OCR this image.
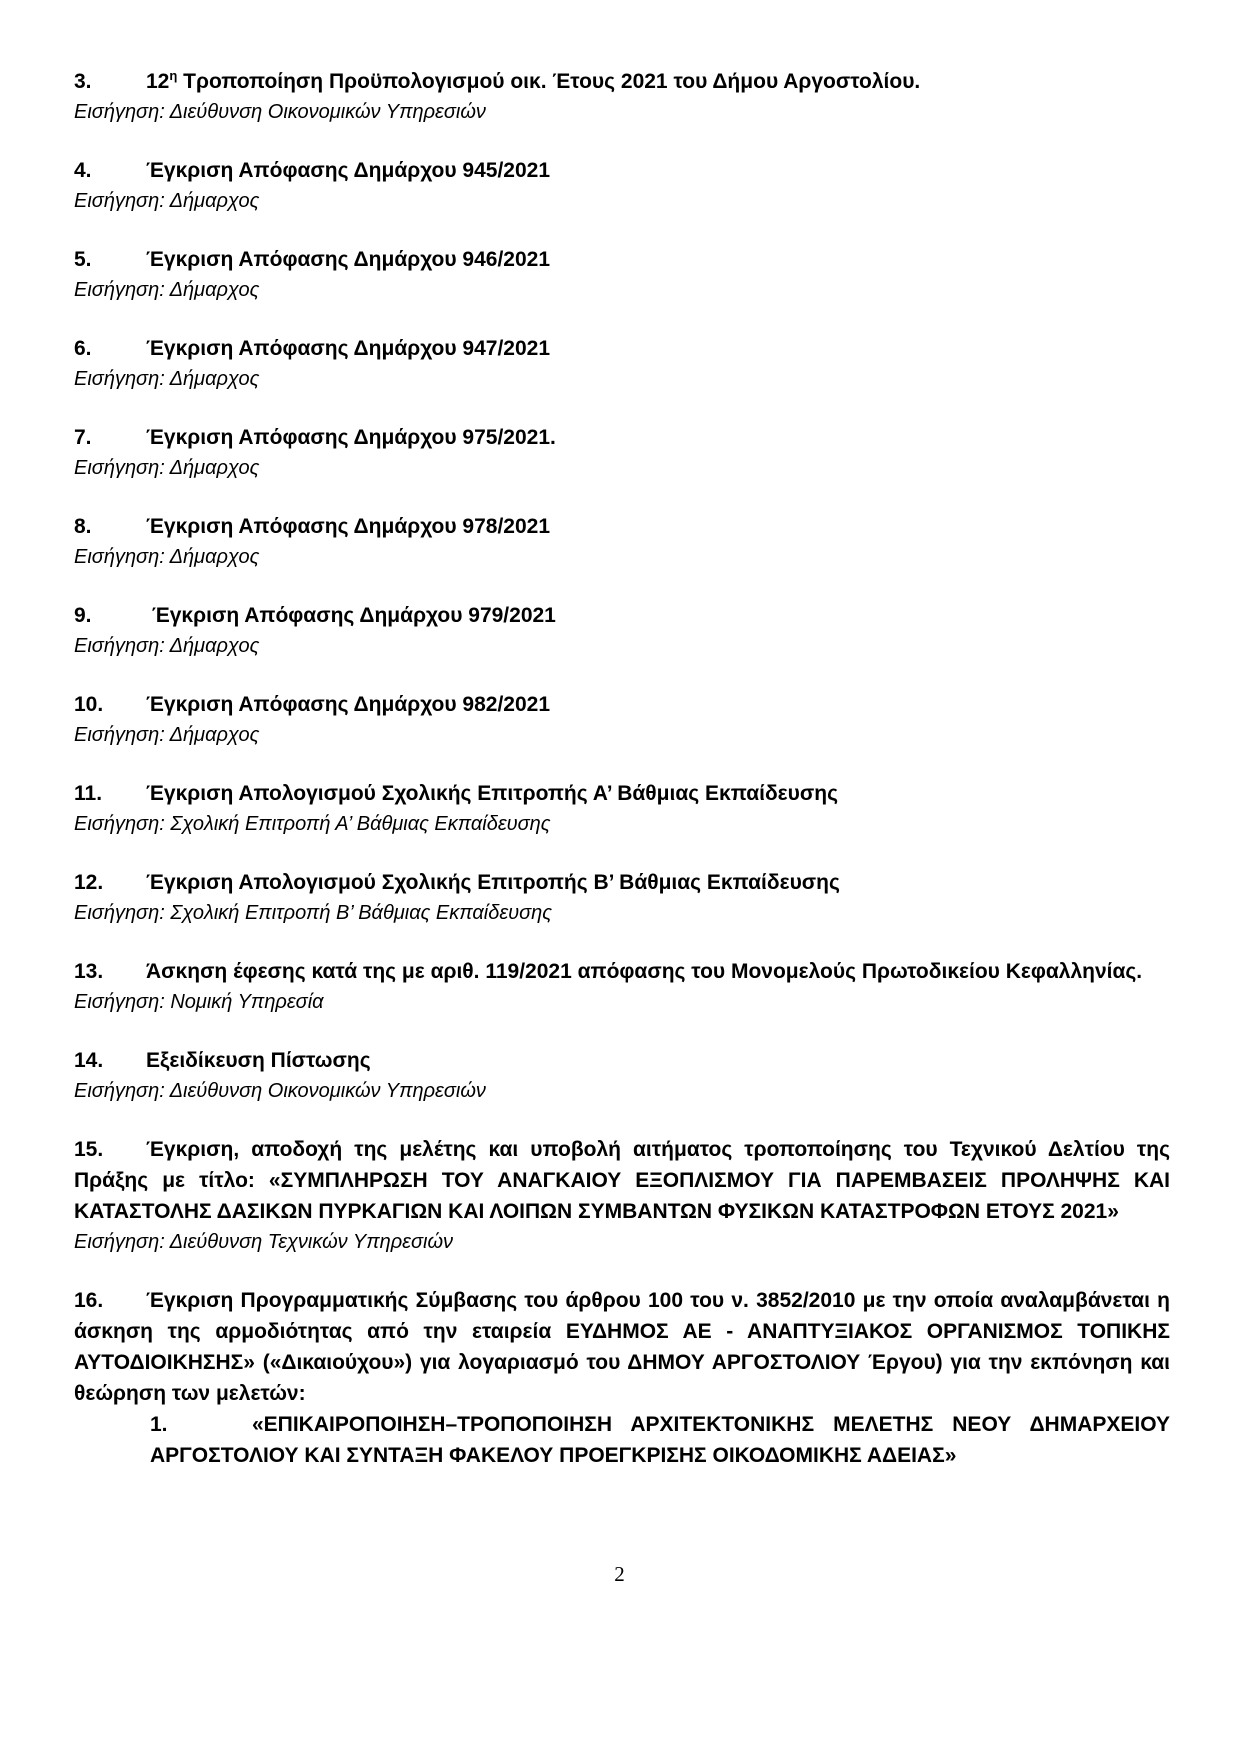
3.	$12^\eta$ Τροποποίηση Προϋπολογισμού οικ. Έτους 2021 του Δήμου Αργοστολίου.
Εισήγηση: Διεύθυνση Οικονομικών Υπηρεσιών
4.	Έγκριση Απόφασης Δημάρχου 945/2021
Εισήγηση: Δήμαρχος
5.	Έγκριση Απόφασης Δημάρχου 946/2021
Εισήγηση: Δήμαρχος
6.	Έγκριση Απόφασης Δημάρχου 947/2021
Εισήγηση: Δήμαρχος
7.	Έγκριση Απόφασης Δημάρχου 975/2021.
Εισήγηση: Δήμαρχος
8.	Έγκριση Απόφασης Δημάρχου 978/2021
Εισήγηση: Δήμαρχος
9.	Έγκριση Απόφασης Δημάρχου 979/2021
Εισήγηση: Δήμαρχος
10. Έγκριση Απόφασης Δημάρχου 982/2021
Εισήγηση: Δήμαρχος
11. Έγκριση Απολογισμού Σχολικής Επιτροπής Α’ Βάθμιας Εκπαίδευσης
Εισήγηση: Σχολική Επιτροπή Α’ Βάθμιας Εκπαίδευσης
12. Έγκριση Απολογισμού Σχολικής Επιτροπής Β’ Βάθμιας Εκπαίδευσης
Εισήγηση: Σχολική Επιτροπή Β’ Βάθμιας Εκπαίδευσης
13. Άσκηση έφεσης κατά της με αριθ. 119/2021 απόφασης του Μονομελούς Πρωτοδικείου Κεφαλληνίας.
Εισήγηση: Νομική Υπηρεσία
14. Εξειδίκευση Πίστωσης
Εισήγηση: Διεύθυνση Οικονομικών Υπηρεσιών
15. Έγκριση, αποδοχή της μελέτης και υποβολή αιτήματος τροποποίησης του Τεχνικού Δελτίου της Πράξης με τίτλο: «ΣΥΜΠΛΗΡΩΣΗ ΤΟΥ ΑΝΑΓΚΑΙΟΥ ΕΞΟΠΛΙΣΜΟΥ ΓΙΑ ΠΑΡΕΜΒΑΣΕΙΣ ΠΡΟΛΗΨΗΣ ΚΑΙ ΚΑΤΑΣΤΟΛΗΣ ΔΑΣΙΚΩΝ ΠΥΡΚΑΓΙΩΝ ΚΑΙ ΛΟΙΠΩΝ ΣΥΜΒΑΝΤΩΝ ΦΥΣΙΚΩΝ ΚΑΤΑΣΤΡΟΦΩΝ ΕΤΟΥΣ 2021»
Εισήγηση: Διεύθυνση Τεχνικών Υπηρεσιών
16. Έγκριση Προγραμματικής Σύμβασης του άρθρου 100 του ν. 3852/2010 με την οποία αναλαμβάνεται η άσκηση της αρμοδιότητας από την εταιρεία ΕΥΔΗΜΟΣ ΑΕ - ΑΝΑΠΤΥΞΙΑΚΟΣ ΟΡΓΑΝΙΣΜΟΣ ΤΟΠΙΚΗΣ ΑΥΤΟΔΙΟΙΚΗΣΗΣ» («Δικαιούχου») για λογαριασμό του ΔΗΜΟΥ ΑΡΓΟΣΤΟΛΙΟΥ Έργου) για την εκπόνηση και θεώρηση των μελετών:
1.	«ΕΠΙΚΑΙΡΟΠΟΙΗΣΗ–ΤΡΟΠΟΠΟΙΗΣΗ ΑΡΧΙΤΕΚΤΟΝΙΚΗΣ ΜΕΛΕΤΗΣ ΝΕΟΥ ΔΗΜΑΡΧΕΙΟΥ ΑΡΓΟΣΤΟΛΙΟΥ ΚΑΙ ΣΥΝΤΑΞΗ ΦΑΚΕΛΟΥ ΠΡΟΕΓΚΡΙΣΗΣ ΟΙΚΟΔΟΜΙΚΗΣ ΑΔΕΙΑΣ»
2
